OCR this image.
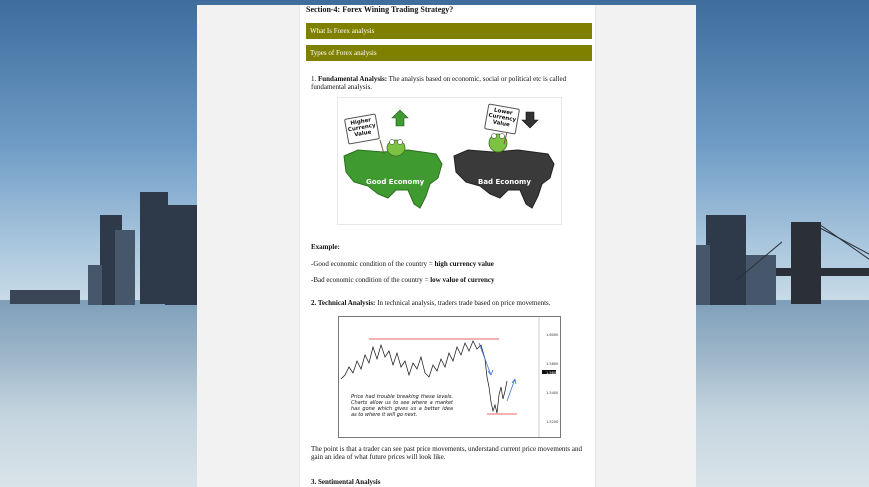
Section-4: Forex Wining Trading Strategy?
What Is Forex analysis
Types of Forex analysis
1. Fundamental Analysis: The analysis based on economic, social or political etc is called fundamental analysis.
Higher Currency Value
Lower Currency Value
Good Economy	Bad Economy
Example:
-Good economic condition of the country = high currency value
-Bad economic condition of the country = low value of currency
2. Technical Analysis: In technical analysis, traders trade based on price movements.
1.6000
1.5800
1.5600
1.5400
1.5200
Price had trouble breaking these levels. Charts allow us to see where a market has gone which gives us a better idea as to where it will go next.
The point is that a trader can see past price movements, understand current price movements and gain an idea of what future prices will look like.
3. Sentimental Analysis
